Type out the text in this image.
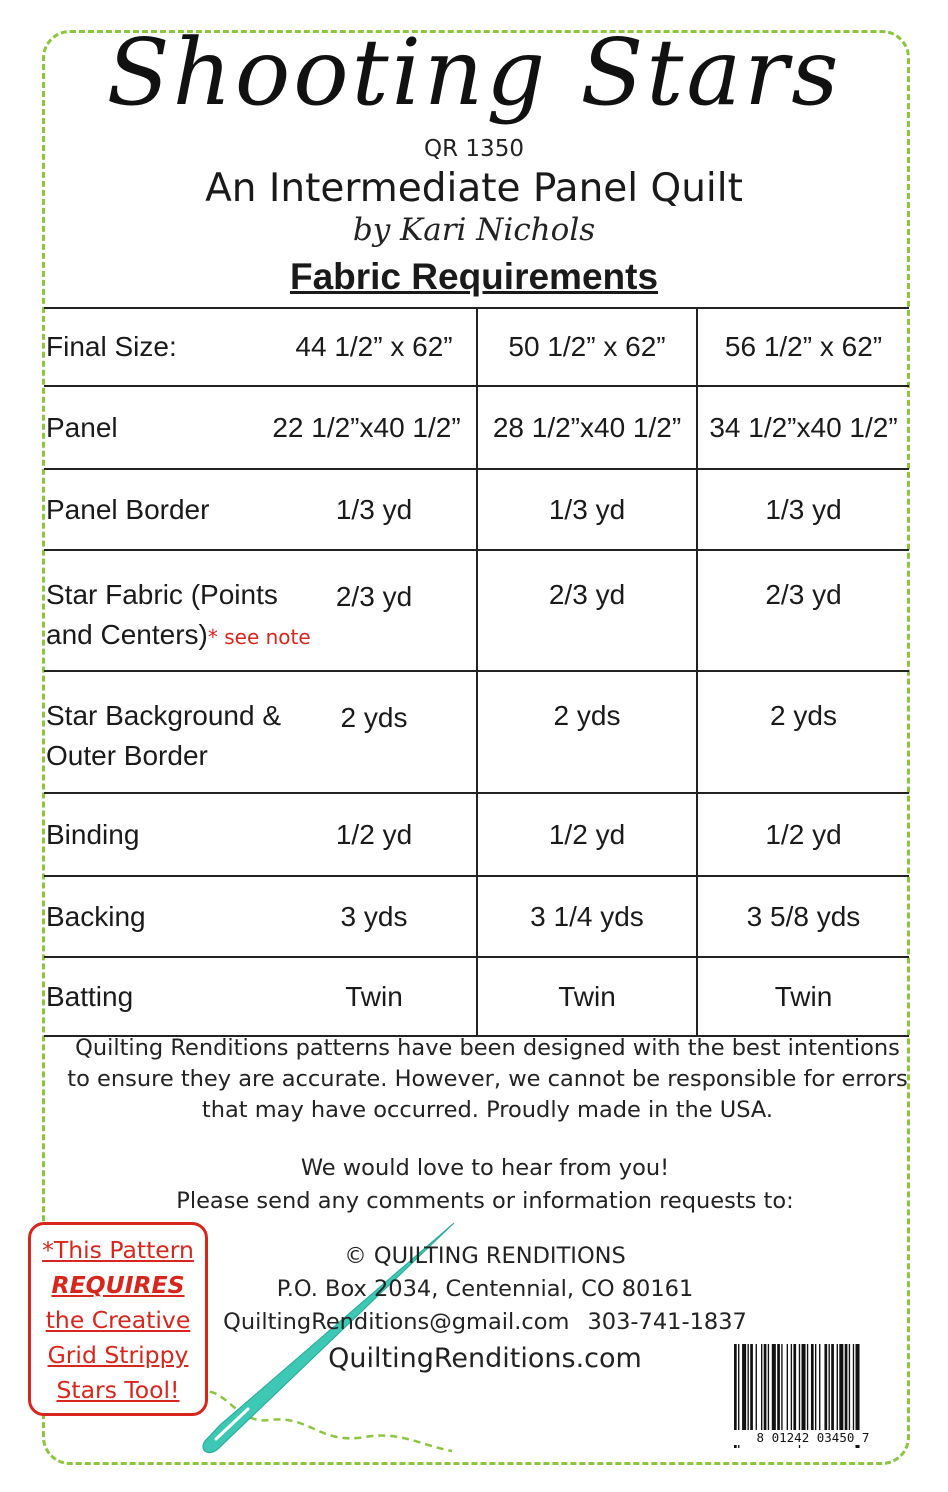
Shooting Stars
QR 1350
An Intermediate Panel Quilt
by Kari Nichols
Fabric Requirements
Final Size: 44 1/2” x 62”	50 1/2” x 62”	56 1/2” x 62”

Panel 22 1/2”x40 1/2”	28 1/2”x40 1/2”	34 1/2”x40 1/2”

Panel Border 1/3 yd	1/3 yd	1/3 yd

Star Fabric (Points
and Centers)* see note
2/3 yd	2/3 yd	2/3 yd

Star Background &
Outer Border
2 yds	2 yds	2 yds

Binding 1/2 yd	1/2 yd	1/2 yd

Backing 3 yds	3 1/4 yds	3 5/8 yds

Batting Twin	Twin	Twin
Quilting Renditions patterns have been designed with the best intentions
to ensure they are accurate. However, we cannot be responsible for errors
that may have occurred. Proudly made in the USA.
We would love to hear from you!
Please send any comments or information requests to:
© QUILTING RENDITIONS
P.O. Box 2034, Centennial, CO 80161
QuiltingRenditions@gmail.com 303-741-1837
QuiltingRenditions.com
*This Pattern
REQUIRES
the Creative
Grid Strippy
Stars Tool!
8 01242 03450 7
